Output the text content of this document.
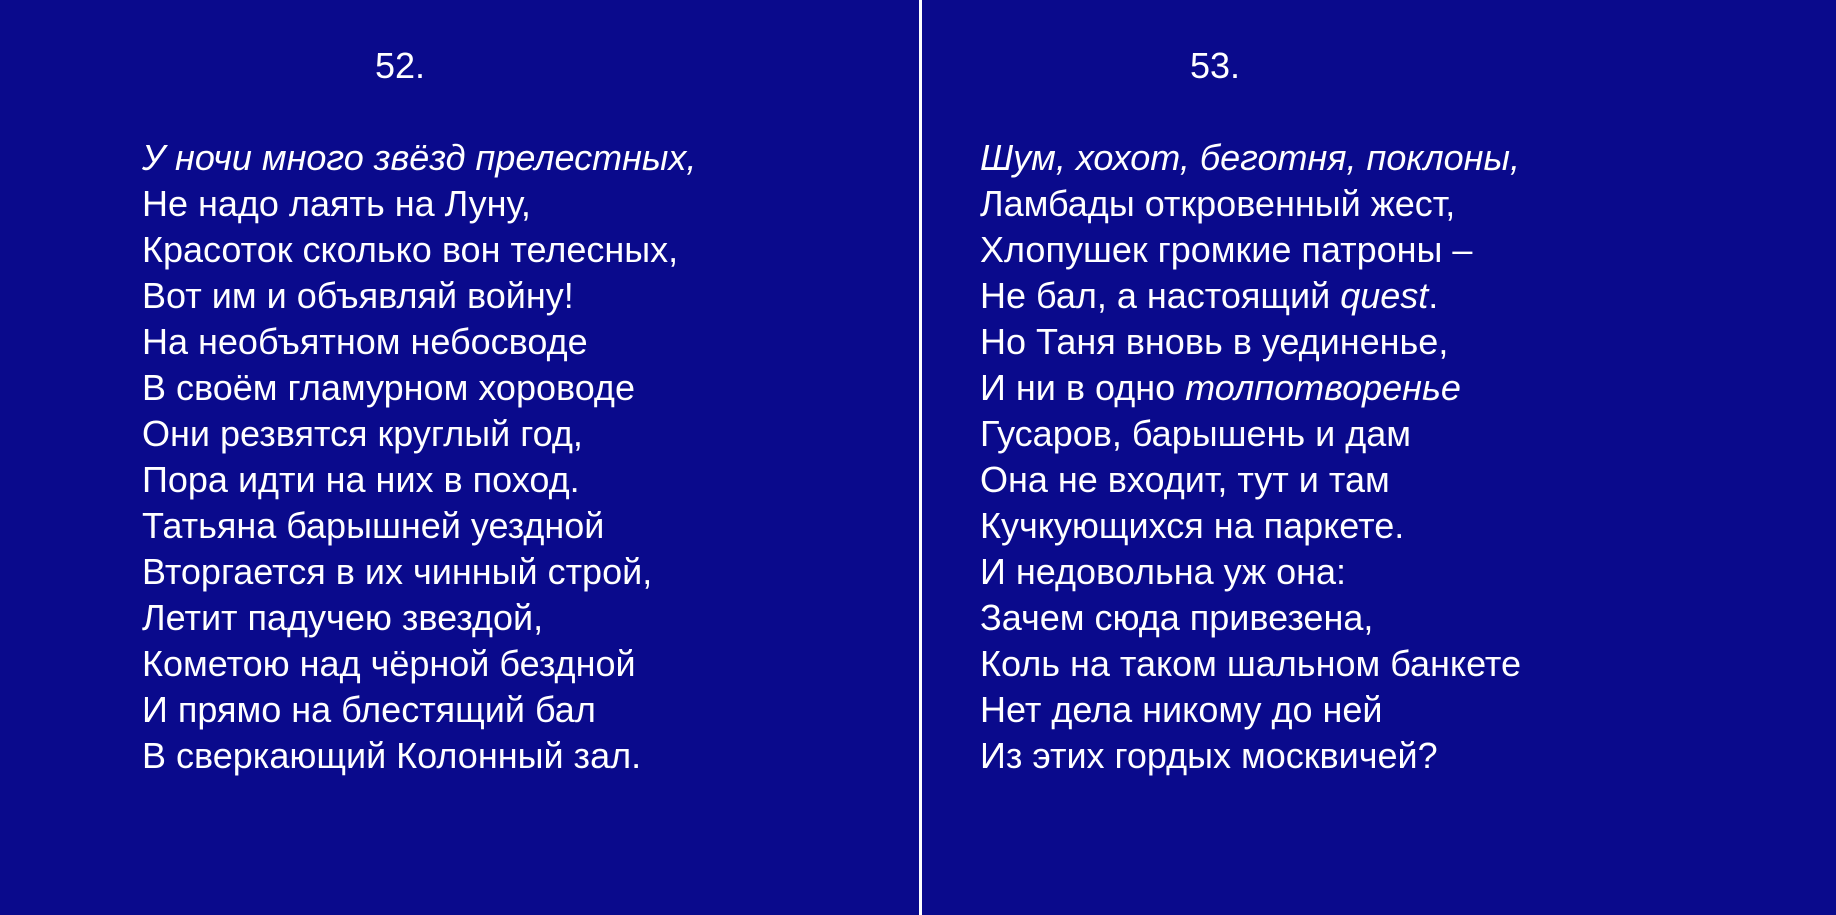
52.	53.

У ночи много звёзд прелестных,

Не надо лаять на Луну,

Красоток сколько вон телесных,

Вот им и объявляй войну!

На необъятном небосводе

В своём гламурном хороводе

Они резвятся круглый год,

Пора идти на них в поход.

Татьяна барышней уездной

Вторгается в их чинный строй,

Летит падучею звездой,

Кометою над чёрной бездной

И прямо на блестящий бал

В сверкающий Колонный зал.

Шум, хохот, беготня, поклоны,

Ламбады откровенный жест,

Хлопушек громкие патроны –

Не бал, а настоящий quest.

Но Таня вновь в уединенье,

И ни в одно толпотворенье

Гусаров, барышень и дам

Она не входит, тут и там

Кучкующихся на паркете.

И недовольна уж она:

Зачем сюда привезена,

Коль на таком шальном банкете

Нет дела никому до ней

Из этих гордых москвичей?
